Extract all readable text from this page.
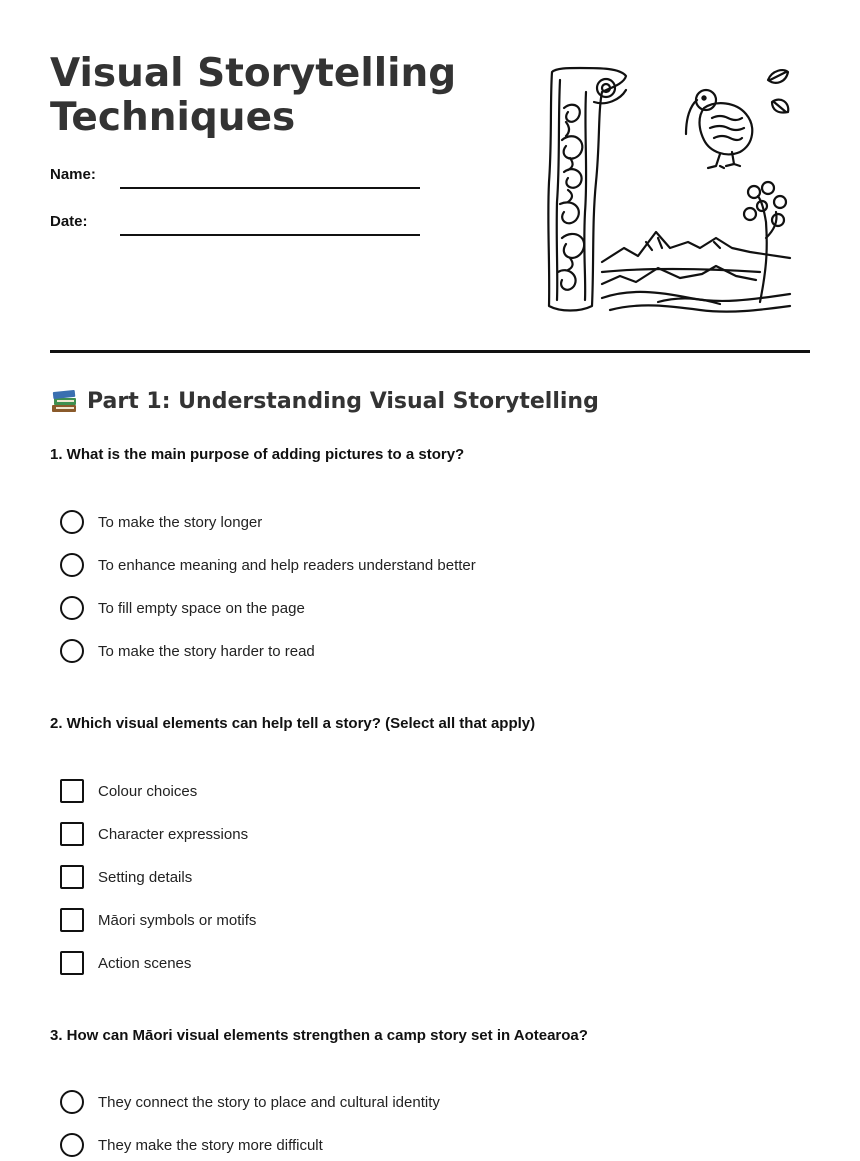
Visual Storytelling
Techniques
Name:
Date:
Part 1: Understanding Visual Storytelling

1. What is the main purpose of adding pictures to a story?

To make the story longer
To enhance meaning and help readers understand better
To fill empty space on the page
To make the story harder to read

2. Which visual elements can help tell a story? (Select all that apply)

Colour choices
Character expressions
Setting details
Māori symbols or motifs
Action scenes

3. How can Māori visual elements strengthen a camp story set in Aotearoa?

They connect the story to place and cultural identity
They make the story more difficult
